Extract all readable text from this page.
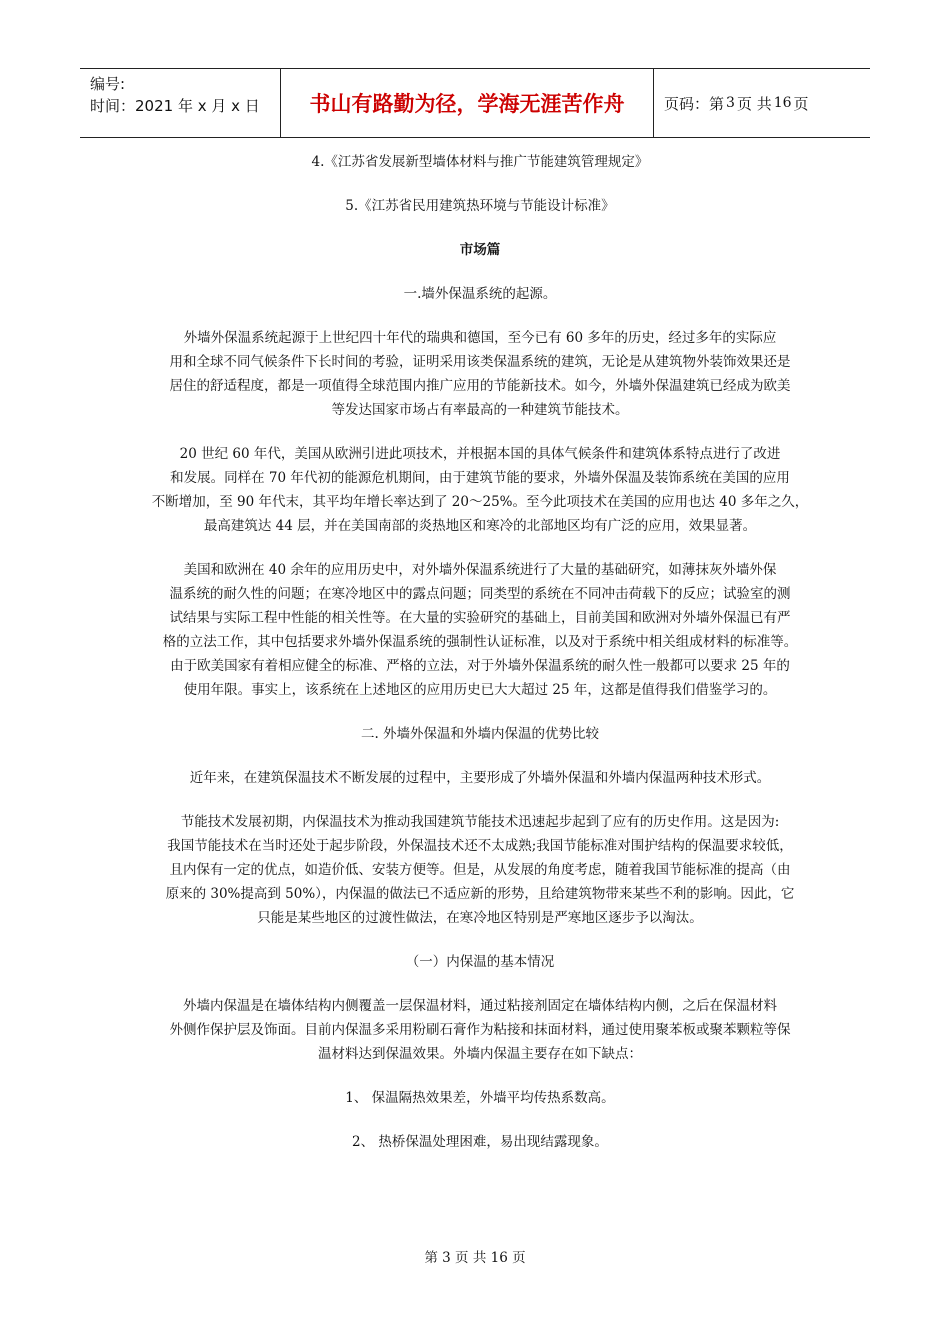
编号:
时间：2021 年 x 月 x 日	书山有路勤为径，学海无涯苦作舟	页码：第 3 页 共 16 页
4.《江苏省发展新型墙体材料与推广节能建筑管理规定》
5.《江苏省民用建筑热环境与节能设计标准》
市场篇
一.墙外保温系统的起源。
外墙外保温系统起源于上世纪四十年代的瑞典和德国，至今已有 60 多年的历史，经过多年的实际应
用和全球不同气候条件下长时间的考验，证明采用该类保温系统的建筑，无论是从建筑物外装饰效果还是
居住的舒适程度，都是一项值得全球范围内推广应用的节能新技术。如今，外墙外保温建筑已经成为欧美
等发达国家市场占有率最高的一种建筑节能技术。
20 世纪 60 年代，美国从欧洲引进此项技术，并根据本国的具体气候条件和建筑体系特点进行了改进
和发展。同样在 70 年代初的能源危机期间，由于建筑节能的要求，外墙外保温及装饰系统在美国的应用
不断增加，至 90 年代末，其平均年增长率达到了 20～25%。至今此项技术在美国的应用也达 40 多年之久，
最高建筑达 44 层，并在美国南部的炎热地区和寒冷的北部地区均有广泛的应用，效果显著。
美国和欧洲在 40 余年的应用历史中，对外墙外保温系统进行了大量的基础研究，如薄抹灰外墙外保
温系统的耐久性的问题；在寒冷地区中的露点问题；同类型的系统在不同冲击荷载下的反应；试验室的测
试结果与实际工程中性能的相关性等。在大量的实验研究的基础上，目前美国和欧洲对外墙外保温已有严
格的立法工作，其中包括要求外墙外保温系统的强制性认证标准，以及对于系统中相关组成材料的标准等。
由于欧美国家有着相应健全的标准、严格的立法，对于外墙外保温系统的耐久性一般都可以要求 25 年的
使用年限。事实上，该系统在上述地区的应用历史已大大超过 25 年，这都是值得我们借鉴学习的。
二. 外墙外保温和外墙内保温的优势比较
近年来，在建筑保温技术不断发展的过程中，主要形成了外墙外保温和外墙内保温两种技术形式。
节能技术发展初期，内保温技术为推动我国建筑节能技术迅速起步起到了应有的历史作用。这是因为:
我国节能技术在当时还处于起步阶段，外保温技术还不太成熟;我国节能标准对围护结构的保温要求较低，
且内保有一定的优点，如造价低、安装方便等。但是，从发展的角度考虑，随着我国节能标准的提高（由
原来的 30%提高到 50%），内保温的做法已不适应新的形势，且给建筑物带来某些不利的影响。因此，它
只能是某些地区的过渡性做法，在寒冷地区特别是严寒地区逐步予以淘汰。
（一）内保温的基本情况
外墙内保温是在墙体结构内侧覆盖一层保温材料，通过粘接剂固定在墙体结构内侧，之后在保温材料
外侧作保护层及饰面。目前内保温多采用粉刷石膏作为粘接和抹面材料，通过使用聚苯板或聚苯颗粒等保
温材料达到保温效果。外墙内保温主要存在如下缺点：
1、 保温隔热效果差，外墙平均传热系数高。
2、 热桥保温处理困难，易出现结露现象。
第 3 页 共 16 页
